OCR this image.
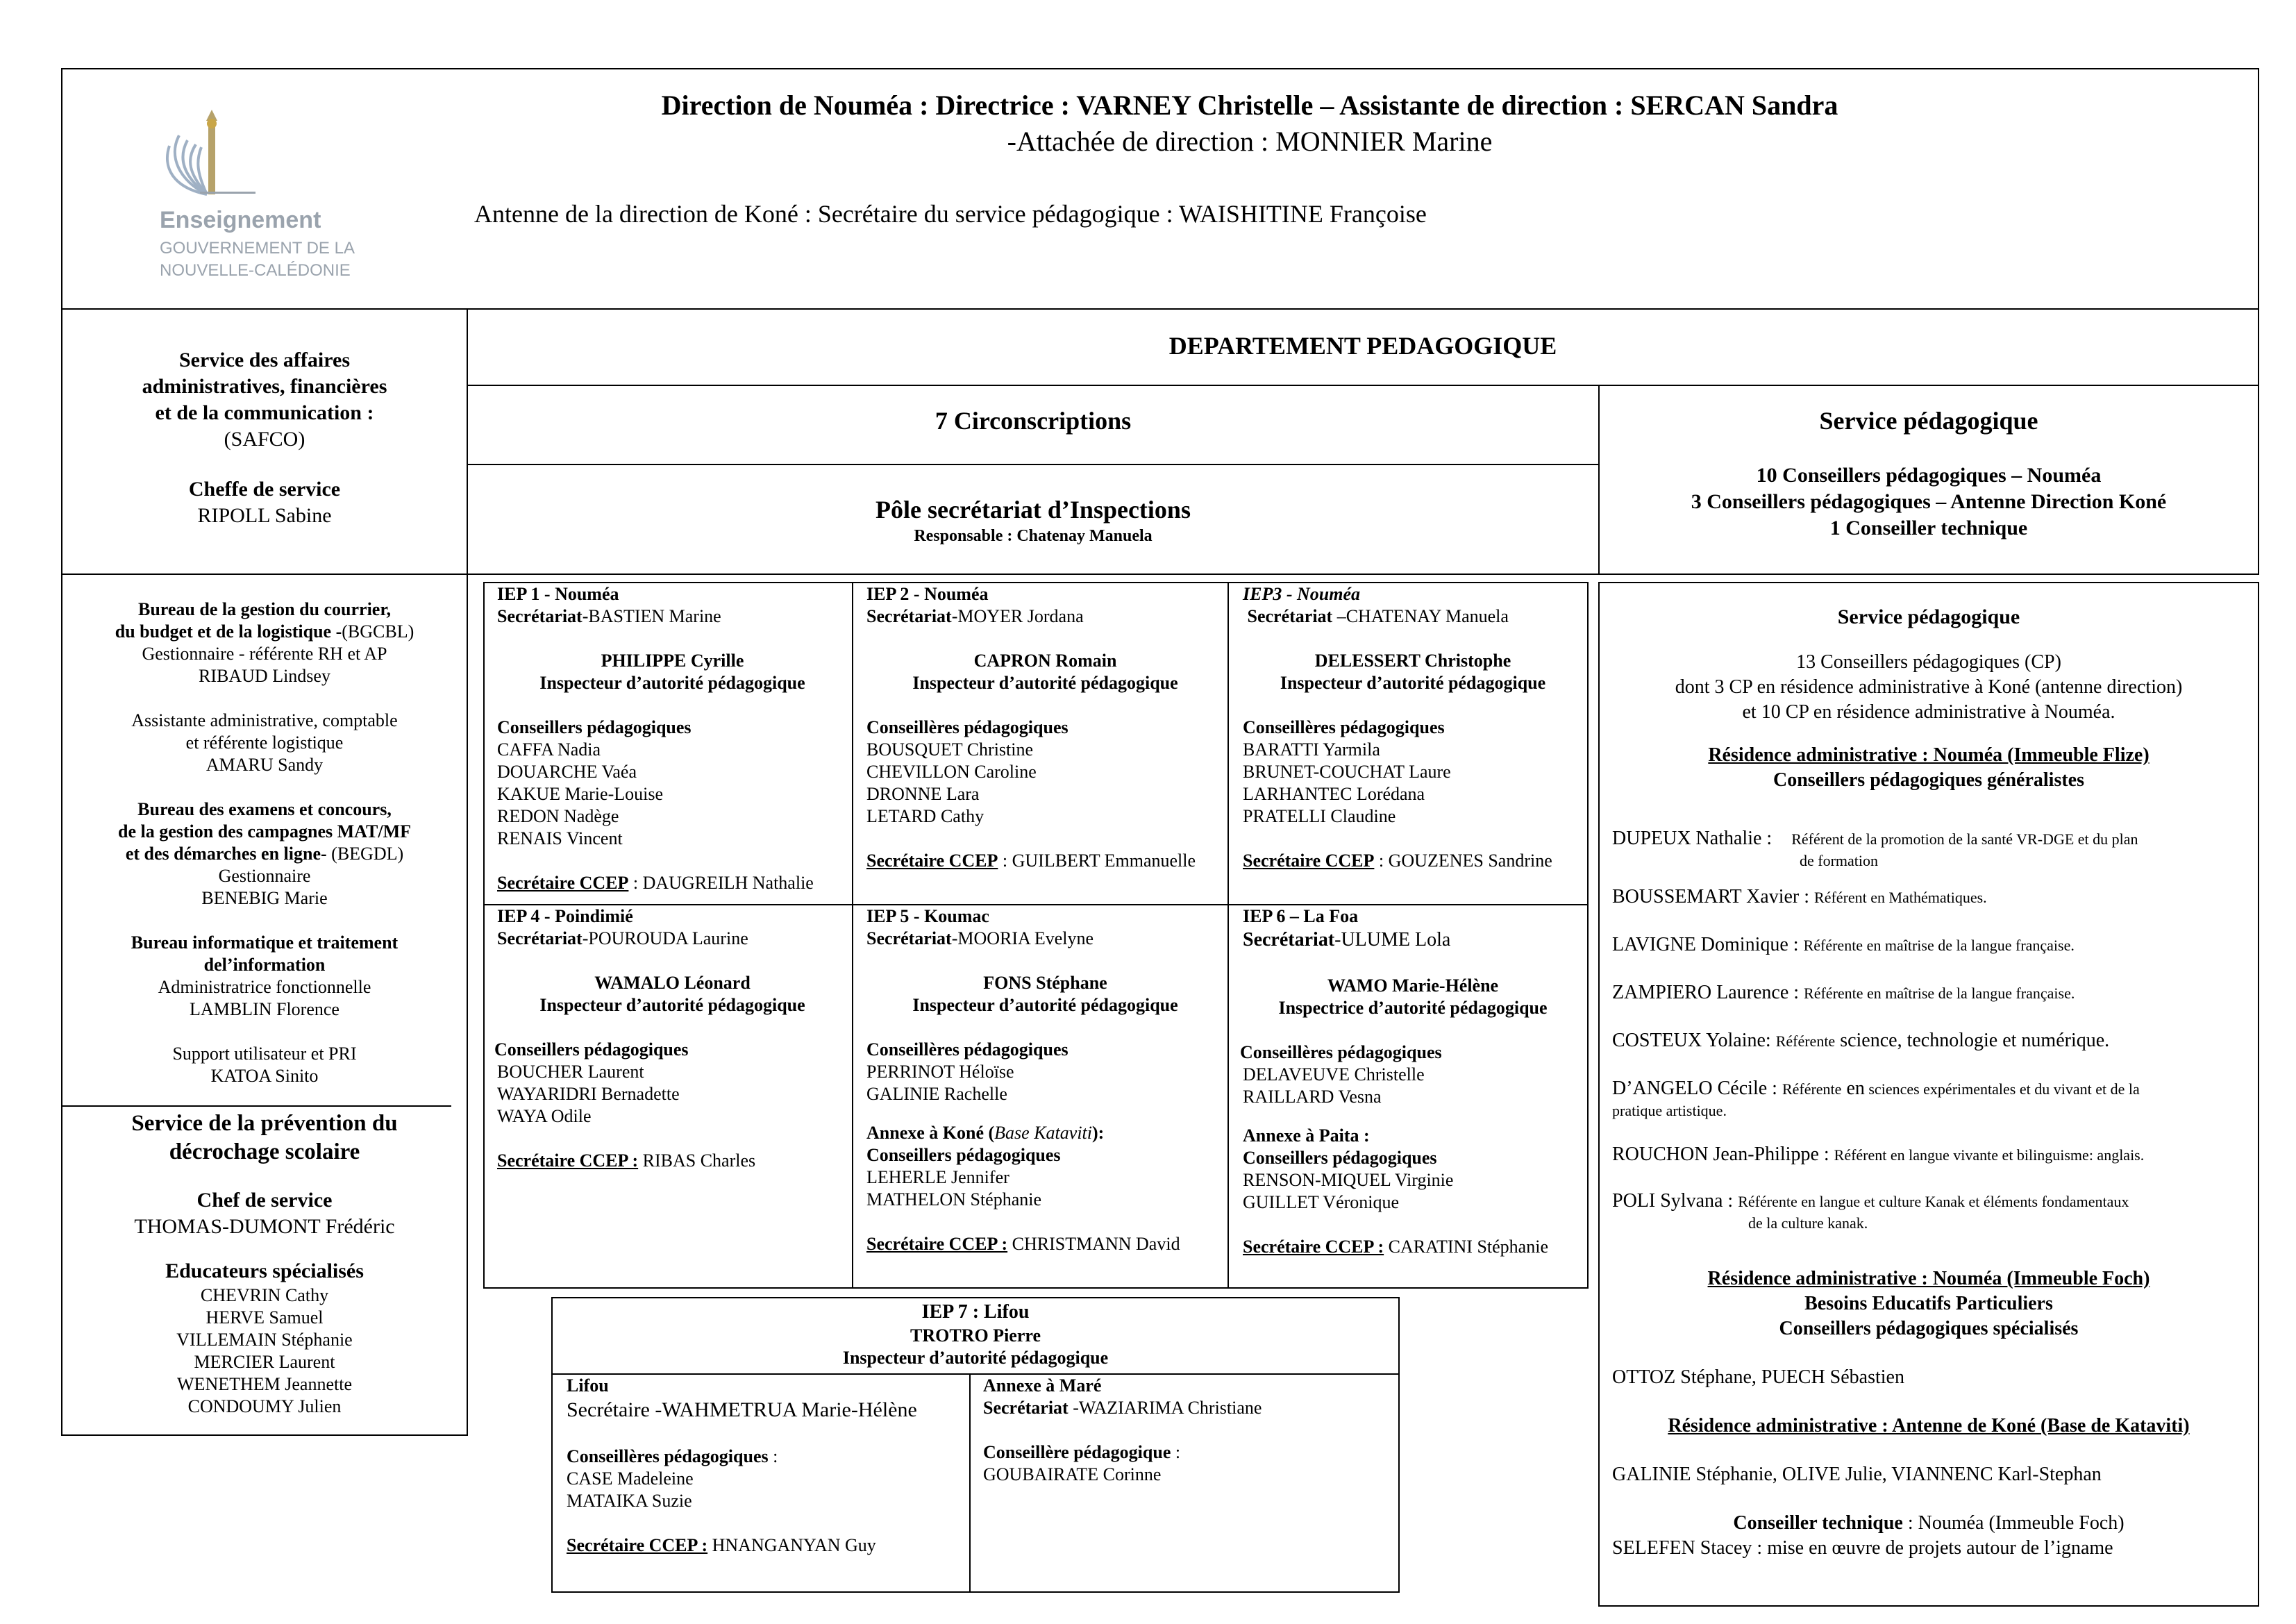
Enseignement
GOUVERNEMENT DE LA
NOUVELLE-CALÉDONIE
Direction de Nouméa : Directrice : VARNEY Christelle – Assistante de direction : SERCAN Sandra
-Attachée de direction : MONNIER Marine
Antenne de la direction de Koné : Secrétaire du service pédagogique : WAISHITINE Françoise
Service des affaires
administratives, financières
et de la communication :
(SAFCO)
Cheffe de service
RIPOLL Sabine
DEPARTEMENT PEDAGOGIQUE
7 Circonscriptions
Pôle secrétariat d’Inspections
Responsable : Chatenay Manuela
Service pédagogique
10 Conseillers pédagogiques – Nouméa
3 Conseillers pédagogiques – Antenne Direction Koné
1 Conseiller technique
Bureau de la gestion du courrier,
du budget et de la logistique -(BGCBL)
Gestionnaire - référente RH et AP
RIBAUD Lindsey
Assistante administrative, comptable
et référente logistique
AMARU Sandy
Bureau des examens et concours,
de la gestion des campagnes MAT/MF
et des démarches en ligne- (BEGDL)
Gestionnaire
BENEBIG Marie
Bureau informatique et traitement
del’information
Administratrice fonctionnelle
LAMBLIN Florence
Support utilisateur et PRI
KATOA Sinito
Service de la prévention du
décrochage scolaire
Chef de service
THOMAS-DUMONT Frédéric
Educateurs spécialisés
CHEVRIN Cathy
HERVE Samuel
VILLEMAIN Stéphanie
MERCIER Laurent
WENETHEM Jeannette
CONDOUMY Julien
IEP 1 - Nouméa
Secrétariat-BASTIEN Marine
PHILIPPE Cyrille
Inspecteur d’autorité pédagogique
Conseillers pédagogiques
CAFFA Nadia
DOUARCHE Vaéa
KAKUE Marie-Louise
REDON Nadège
RENAIS Vincent
Secrétaire CCEP : DAUGREILH Nathalie
IEP 2 - Nouméa
Secrétariat-MOYER Jordana
CAPRON Romain
Inspecteur d’autorité pédagogique
Conseillères pédagogiques
BOUSQUET Christine
CHEVILLON Caroline
DRONNE Lara
LETARD Cathy
Secrétaire CCEP : GUILBERT Emmanuelle
IEP3 - Nouméa
Secrétariat –CHATENAY Manuela
DELESSERT Christophe
Inspecteur d’autorité pédagogique
Conseillères pédagogiques
BARATTI Yarmila
BRUNET-COUCHAT Laure
LARHANTEC Lorédana
PRATELLI Claudine
Secrétaire CCEP : GOUZENES Sandrine
IEP 4 - Poindimié
Secrétariat-POUROUDA Laurine
WAMALO Léonard
Inspecteur d’autorité pédagogique
Conseillers pédagogiques
BOUCHER Laurent
WAYARIDRI Bernadette
WAYA Odile
Secrétaire CCEP : RIBAS Charles
IEP 5 - Koumac
Secrétariat-MOORIA Evelyne
FONS Stéphane
Inspecteur d’autorité pédagogique
Conseillères pédagogiques
PERRINOT Héloïse
GALINIE Rachelle
Annexe à Koné (Base Kataviti):
Conseillers pédagogiques
LEHERLE Jennifer
MATHELON Stéphanie
Secrétaire CCEP : CHRISTMANN David
IEP 6 – La Foa
Secrétariat-ULUME Lola
WAMO Marie-Hélène
Inspectrice d’autorité pédagogique
Conseillères pédagogiques
DELAVEUVE Christelle
RAILLARD Vesna
Annexe à Paita :
Conseillers pédagogiques
RENSON-MIQUEL Virginie
GUILLET Véronique
Secrétaire CCEP : CARATINI Stéphanie
IEP 7 : Lifou
TROTRO Pierre
Inspecteur d’autorité pédagogique
Lifou
Secrétaire -WAHMETRUA Marie-Hélène
Conseillères pédagogiques :
CASE Madeleine
MATAIKA Suzie
Secrétaire CCEP : HNANGANYAN Guy
Annexe à Maré
Secrétariat -WAZIARIMA Christiane
Conseillère pédagogique :
GOUBAIRATE Corinne
Service pédagogique
13 Conseillers pédagogiques (CP)
dont 3 CP en résidence administrative à Koné (antenne direction)
et 10 CP en résidence administrative à Nouméa.
Résidence administrative : Nouméa (Immeuble Flize)
Conseillers pédagogiques généralistes
DUPEUX Nathalie : Référent de la promotion de la santé VR-DGE et du plan
de formation
BOUSSEMART Xavier : Référent en Mathématiques.
LAVIGNE Dominique : Référente en maîtrise de la langue française.
ZAMPIERO Laurence : Référente en maîtrise de la langue française.
COSTEUX Yolaine: Référente science, technologie et numérique.
D’ANGELO Cécile : Référente en sciences expérimentales et du vivant et de la
pratique artistique.
ROUCHON Jean-Philippe : Référent en langue vivante et bilinguisme: anglais.
POLI Sylvana : Référente en langue et culture Kanak et éléments fondamentaux
de la culture kanak.
Résidence administrative : Nouméa (Immeuble Foch)
Besoins Educatifs Particuliers
Conseillers pédagogiques spécialisés
OTTOZ Stéphane, PUECH Sébastien
Résidence administrative : Antenne de Koné (Base de Kataviti)
GALINIE Stéphanie, OLIVE Julie, VIANNENC Karl-Stephan
Conseiller technique : Nouméa (Immeuble Foch)
SELEFEN Stacey : mise en œuvre de projets autour de l’igname
